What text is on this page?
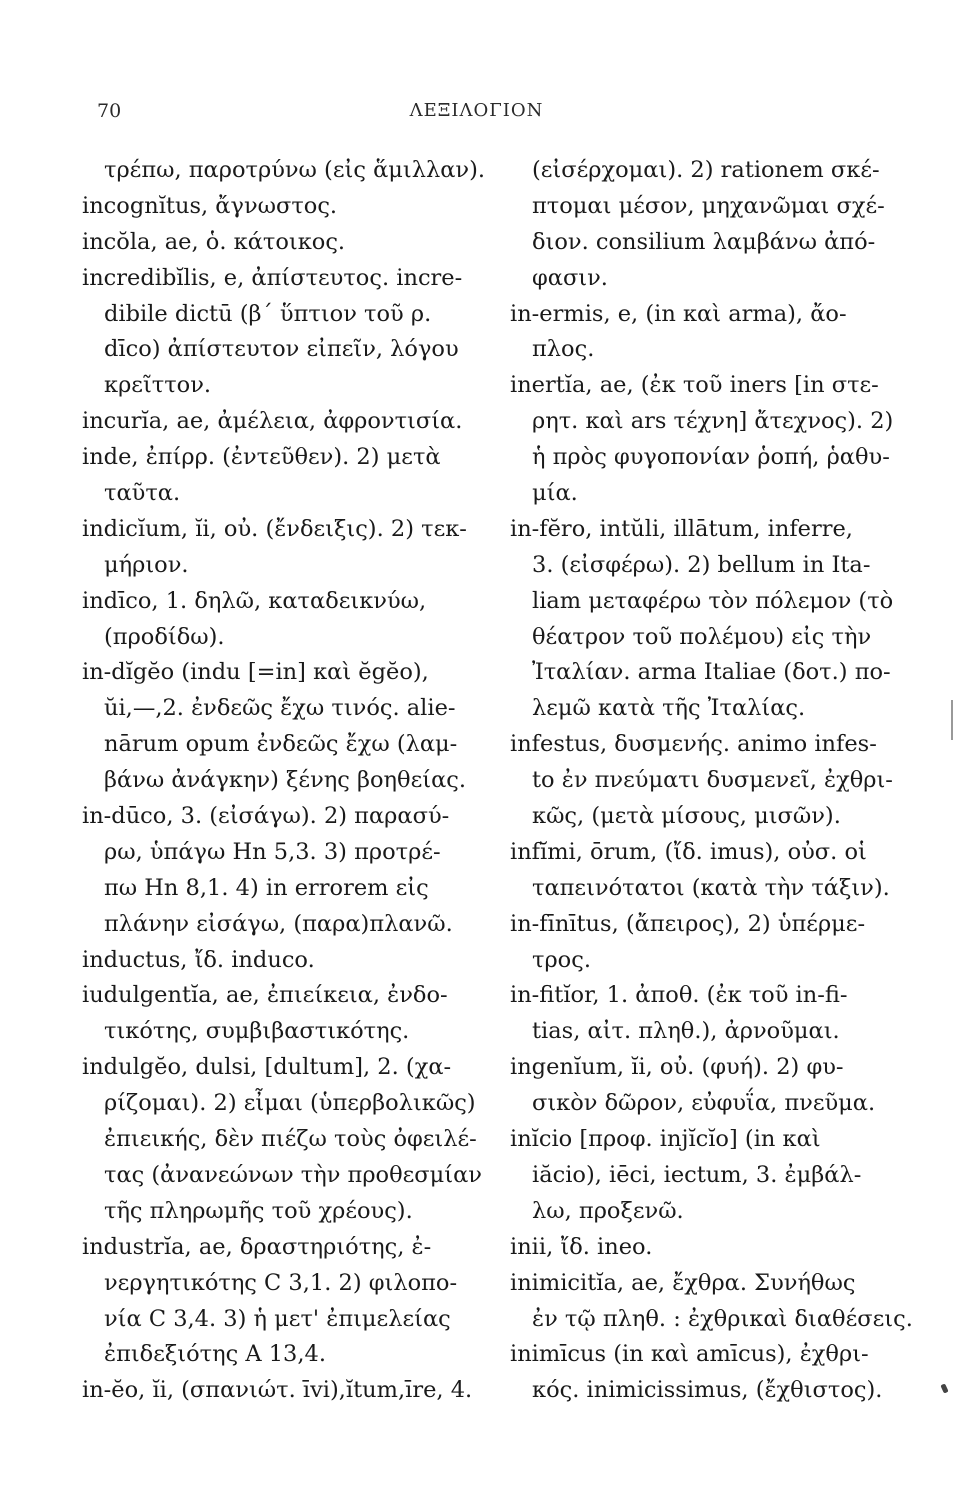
70	ΛΕΞΙΛΟΓΙΟΝ
τρέπω, παροτρύνω (εἰς ἅμιλλαν).
incognĭtus, ἄγνωστος.
incŏla, ae, ὁ. κάτοικος.
incredibĭlis, e, ἀπίστευτος. incre-
dibile dictū (β΄ ὕπτιον τοῦ ρ.
dīco) ἀπίστευτον εἰπεῖν, λόγου
κρεῖττον.
incurĭa, ae, ἀμέλεια, ἀφροντισία.
inde, ἐπίρρ. (ἐντεῦθεν). 2) μετὰ
ταῦτα.
indicĭum, ĭi, οὐ. (ἔνδειξις). 2) τεκ-
μήριον.
indīco, 1. δηλῶ, καταδεικνύω,
(προδίδω).
in-dĭgĕo (indu [=in] καὶ ĕgĕo),
ŭi,—,2. ἐνδεῶς ἔχω τινός. alie-
nārum opum ἐνδεῶς ἔχω (λαμ-
βάνω ἀνάγκην) ξένης βοηθείας.
in-dūco, 3. (εἰσάγω). 2) παρασύ-
ρω, ὑπάγω Hn 5,3. 3) προτρέ-
πω Hn 8,1. 4) in errorem εἰς
πλάνην εἰσάγω, (παρα)πλανῶ.
inductus, ἴδ. induco.
iudulgentĭa, ae, ἐπιείκεια, ἐνδο-
τικότης, συμβιβαστικότης.
indulgĕo, dulsi, [dultum], 2. (χα-
ρίζομαι). 2) εἶμαι (ὑπερβολικῶς)
ἐπιεικής, δὲν πιέζω τοὺς ὀφειλέ-
τας (ἀνανεώνων τὴν προθεσμίαν
τῆς πληρωμῆς τοῦ χρέους).
industrĭa, ae, δραστηριότης, ἐ-
νεργητικότης C 3,1. 2) φιλοπο-
νία C 3,4. 3) ἡ μετ' ἐπιμελείας
ἐπιδεξιότης A 13,4.
in-ĕo, ĭi, (σπανιώτ. īvi),ĭtum,īre, 4.
(εἰσέρχομαι). 2) rationem σκέ-
πτομαι μέσον, μηχανῶμαι σχέ-
διον. consilium λαμβάνω ἀπό-
φασιν.
in-ermis, e, (in καὶ arma), ἄο-
πλος.
inertĭa, ae, (ἐκ τοῦ iners [in στε-
ρητ. καὶ ars τέχνη] ἄτεχνος). 2)
ἡ πρὸς φυγοπονίαν ῥοπή, ῥαθυ-
μία.
in-fĕro, intŭli, illātum, inferre,
3. (εἰσφέρω). 2) bellum in Ita-
liam μεταφέρω τὸν πόλεμον (τὸ
θέατρον τοῦ πολέμου) εἰς τὴν
Ἰταλίαν. arma Italiae (δοτ.) πο-
λεμῶ κατὰ τῆς Ἰταλίας.
infestus, δυσμενής. animo infes-
to ἐν πνεύματι δυσμενεῖ, ἐχθρι-
κῶς, (μετὰ μίσους, μισῶν).
infĭmi, ōrum, (ἴδ. imus), οὐσ. οἱ
ταπεινότατοι (κατὰ τὴν τάξιν).
in-fīnītus, (ἄπειρος), 2) ὑπέρμε-
τρος.
in-fitĭor, 1. ἀποθ. (ἐκ τοῦ in-fi-
tias, αἰτ. πληθ.), ἀρνοῦμαι.
ingenĭum, ĭi, οὐ. (φυή). 2) φυ-
σικὸν δῶρον, εὐφυΐα, πνεῦμα.
inĭcio [προφ. injĭcĭo] (in καὶ
iăcio), iēci, iectum, 3. ἐμβάλ-
λω, προξενῶ.
inii, ἴδ. ineo.
inimicitĭa, ae, ἔχθρα. Συνήθως
ἐν τῷ πληθ. : ἐχθρικαὶ διαθέσεις.
inimīcus (in καὶ amīcus), ἐχθρι-
κός. inimicissimus, (ἔχθιστος).
